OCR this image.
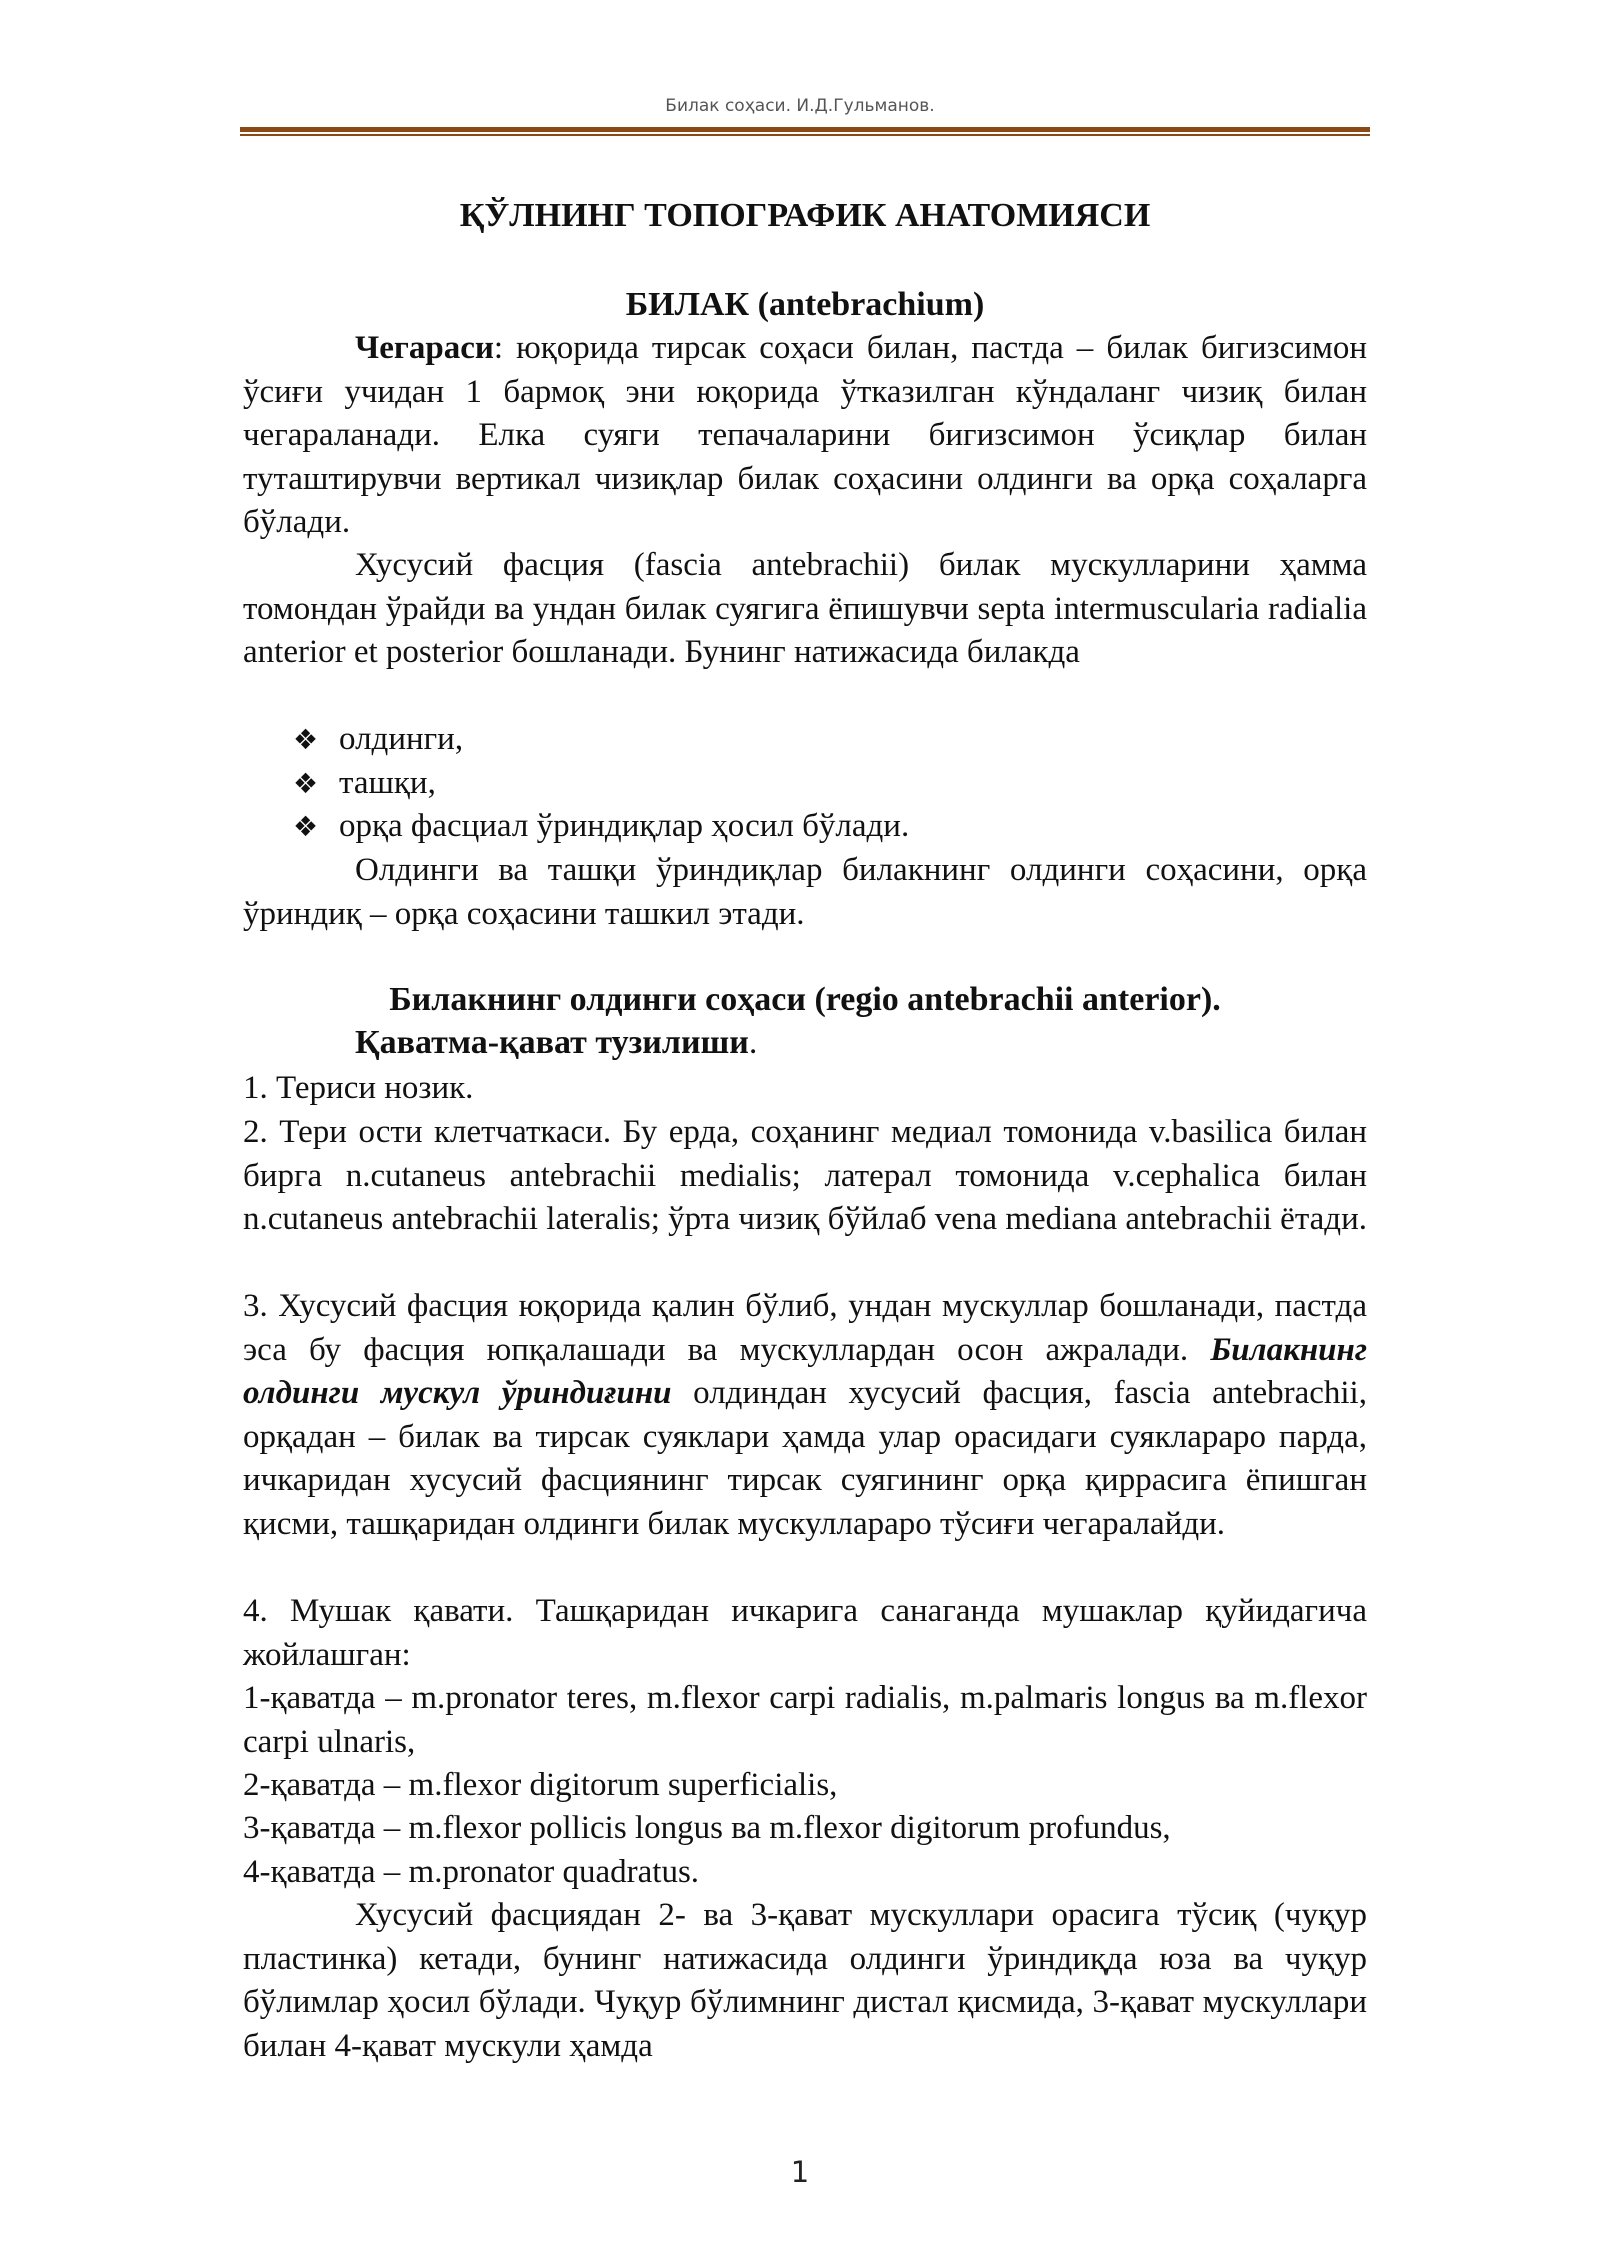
Билак соҳаси. И.Д.Гульманов.
ҚЎЛНИНГ ТОПОГРАФИК АНАТОМИЯСИ
БИЛАК (antebrachium)

Чегараси: юқорида тирсак соҳаси билан, пастда – билак бигизсимон ўсиғи учидан 1 бармоқ эни юқорида ўтказилган кўндаланг чизиқ билан чегараланади. Елка суяги тепачаларини бигизсимон ўсиқлар билан туташтирувчи вертикал чизиқлар билак соҳасини олдинги ва орқа соҳаларга бўлади.

Хусусий фасция (fascia antebrachii) билак мускулларини ҳамма томондан ўрайди ва ундан билак суягига ёпишувчи septa intermuscularia radialia anterior et posterior бошланади. Бунинг натижасида билакда

❖ олдинги,
❖ ташқи,
❖ орқа фасциал ўриндиқлар ҳосил бўлади.

Олдинги ва ташқи ўриндиқлар билакнинг олдинги соҳасини, орқа ўриндиқ – орқа соҳасини ташкил этади.

Билакнинг олдинги соҳаси (regio antebrachii anterior).
Қаватма-қават тузилиши.

1. Териси нозик.

2. Тери ости клетчаткаси. Бу ерда, соҳанинг медиал томонида v.basilica билан бирга n.cutaneus antebrachii medialis; латерал томонида v.cephalica билан n.cutaneus antebrachii lateralis; ўрта чизиқ бўйлаб vena mediana antebrachii ётади.

3. Хусусий фасция юқорида қалин бўлиб, ундан мускуллар бошланади, пастда эса бу фасция юпқалашади ва мускуллардан осон ажралади. Билакнинг олдинги мускул ўриндиғини олдиндан хусусий фасция, fascia antebrachii, орқадан – билак ва тирсак суяклари ҳамда улар орасидаги суяклараро парда, ичкаридан хусусий фасциянинг тирсак суягининг орқа қиррасига ёпишган қисми, ташқаридан олдинги билак мускуллараро тўсиғи чегаралайди.

4. Мушак қавати. Ташқаридан ичкарига санаганда мушаклар қуйидагича жойлашган:

1-қаватда – m.pronator teres, m.flexor carpi radialis, m.palmaris longus ва m.flexor carpi ulnaris,

2-қаватда – m.flexor digitorum superficialis,

3-қаватда – m.flexor pollicis longus ва m.flexor digitorum profundus,

4-қаватда – m.pronator quadratus.

Хусусий фасциядан 2- ва 3-қават мускуллари орасига тўсиқ (чуқур пластинка) кетади, бунинг натижасида олдинги ўриндиқда юза ва чуқур бўлимлар ҳосил бўлади. Чуқур бўлимнинг дистал қисмида, 3-қават мускуллари билан 4-қават мускули ҳамда

1
